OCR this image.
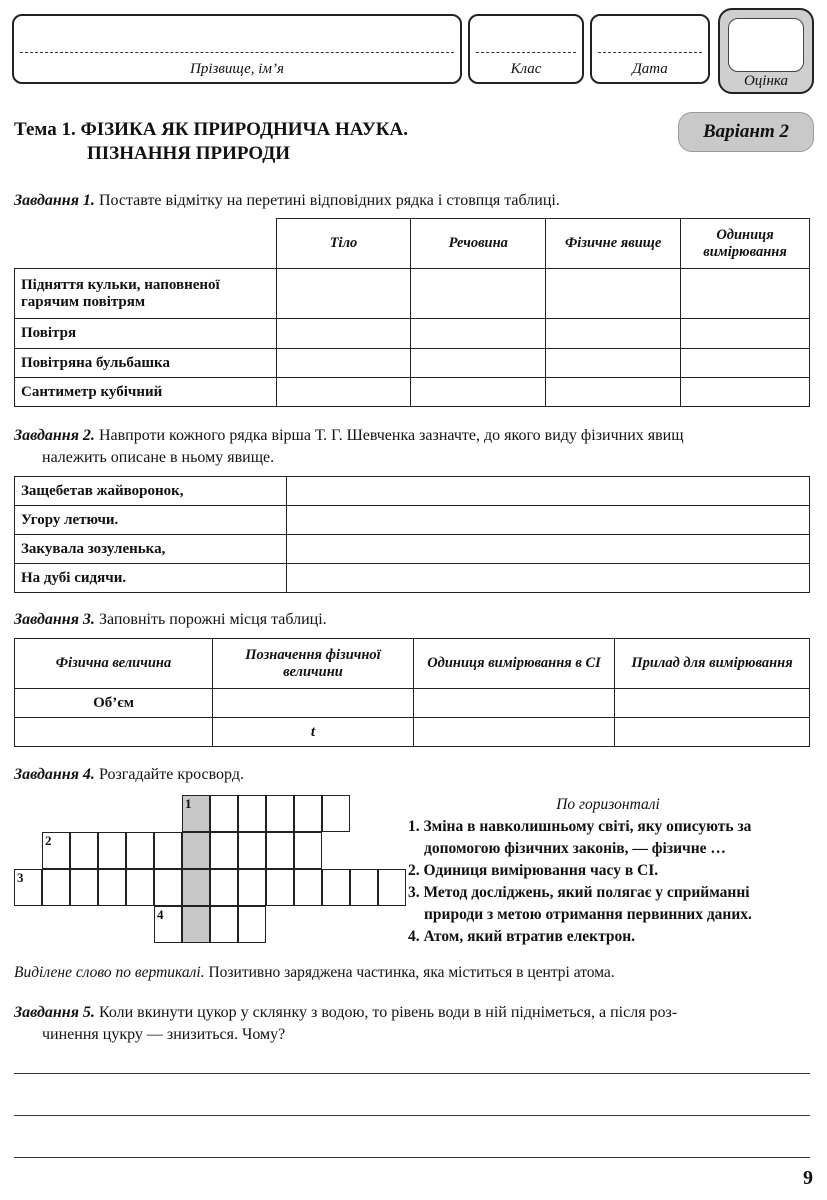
Прізвище, ім’я	Клас	Дата
Оцінка
Тема 1. ФІЗИКА ЯК ПРИРОДНИЧА НАУКА.
ПІЗНАННЯ ПРИРОДИ
Варіант 2
Завдання 1. Поставте відмітку на перетині відповідних рядка і стовпця таблиці.
	Тіло	Речовина	Фізичне явище	Одиниця вимірювання
Підняття кульки, наповненої гарячим повітрям				
Повітря				
Повітряна бульбашка				
Сантиметр кубічний				
Завдання 2. Навпроти кожного рядка вірша Т. Г. Шевченка зазначте, до якого виду фізичних явищ
належить описане в ньому явище.
Защебетав жайворонок,	
Угору летючи.	
Закувала зозуленька,	
На дубі сидячи.	
Завдання 3. Заповніть порожні місця таблиці.
Фізична величина	Позначення фізичної величини	Одиниця вимірювання в СІ	Прилад для вимірювання
Об’єм			
	t		
Завдання 4. Розгадайте кросворд.
1
2
3
4
По горизонталі
1. Зміна в навколишньому світі, яку описують за допомогою фізичних законів, — фізичне …
2. Одиниця вимірювання часу в СІ.
3. Метод досліджень, який полягає у сприйманні природи з метою отримання первинних даних.
4. Атом, який втратив електрон.
Виділене слово по вертикалі. Позитивно заряджена частинка, яка міститься в центрі атома.
Завдання 5. Коли вкинути цукор у склянку з водою, то рівень води в ній підніметься, а після роз-
чинення цукру — знизиться. Чому?
9
